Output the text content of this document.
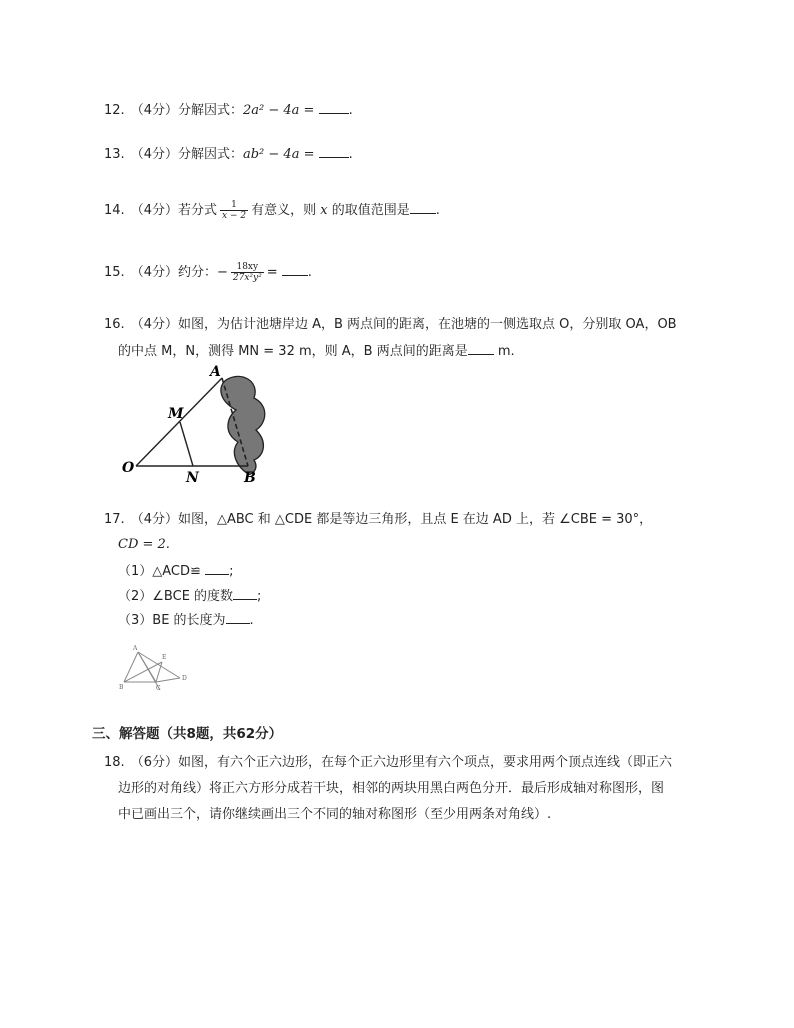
12. （4分）分解因式：2a² − 4a =	.
13. （4分）分解因式：ab² − 4a =	.
14. （4分）若分式 $\frac{1}{x - 2}$ 有意义，则 x 的取值范围是 .
15. （4分）约分：− $\frac{18xy}{\text{27x²y²}}$ = .
16. （4分）如图，为估计池塘岸边 A，B 两点间的距离，在池塘的一侧选取点 O，分别取 OA，OB
的中点 M，N，测得 MN = 32 m，则 A，B 两点间的距离是 m.
A
M
O
N	B
17. （4分）如图，△ABC 和 △CDE 都是等边三角形，且点 E 在边 AD 上，若 ∠CBE = 30°，
CD = 2.
（1）△ACD≌ ;
（2）∠BCE 的度数 ;
（3）BE 的长度为 .
A
E
D
B	C
三、解答题（共8题，共62分）
18. （6分）如图，有六个正六边形，在每个正六边形里有六个项点，要求用两个顶点连线（即正六
边形的对角线）将正六方形分成若干块，相邻的两块用黑白两色分开．最后形成轴对称图形，图
中已画出三个，请你继续画出三个不同的轴对称图形（至少用两条对角线）.
